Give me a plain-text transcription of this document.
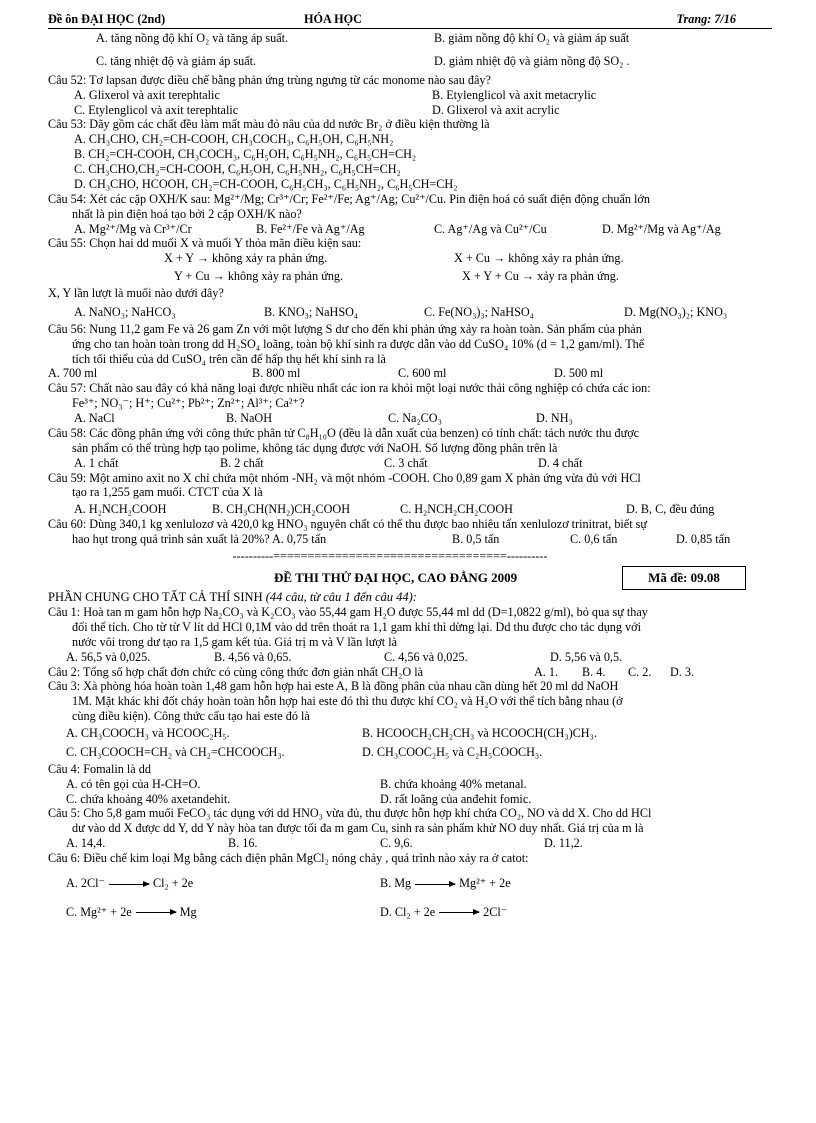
Đề ôn ĐẠI HỌC (2nd)	HÓA HỌC	Trang: 7/16
A. tăng nồng độ khí O₂ và tăng áp suất.	B. giảm nồng độ khí O₂ và giảm áp suất
C. tăng nhiệt độ và giảm áp suất.	D. giảm nhiệt độ và giảm nồng độ SO₂ .
Câu 52: Tơ lapsan được điều chế bằng phản ứng trùng ngưng từ các monome nào sau đây?
A. Glixerol và axit terephtalic	B. Etylenglicol và axit metacrylic
C. Etylenglicol và axit terephtalic	D. Glixerol và axit acrylic
Câu 53: Dãy gồm các chất đều làm mất màu đỏ nâu của dd nước Br₂ ở điều kiện thường là
A. CH₃CHO, CH₂=CH-COOH, CH₃COCH₃, C₆H₅OH, C₆H₅NH₂
B. CH₂=CH-COOH, CH₃COCH₃, C₆H₅OH, C₆H₅NH₂, C₆H₅CH=CH₂
C. CH₃CHO,CH₂=CH-COOH, C₆H₅OH, C₆H₅NH₂, C₆H₅CH=CH₂
D. CH₃CHO, HCOOH, CH₂=CH-COOH, C₆H₅CH₃, C₆H₅NH₂, C₆H₅CH=CH₂
Câu 54: Xét các cặp OXH/K sau: Mg²⁺/Mg; Cr³⁺/Cr; Fe²⁺/Fe; Ag⁺/Ag; Cu²⁺/Cu. Pin điện hoá có suất điện động chuẩn lớn
nhất là pin điện hoá tạo bởi 2 cặp OXH/K nào?
A. Mg²⁺/Mg và Cr³⁺/Cr	B. Fe²⁺/Fe và Ag⁺/Ag	C. Ag⁺/Ag và Cu²⁺/Cu	D. Mg²⁺/Mg và Ag⁺/Ag
Câu 55: Chọn hai dd muối X và muối Y thỏa mãn điều kiện sau:
X + Y → không xảy ra phản ứng.	X + Cu → không xảy ra phản ứng.
Y + Cu → không xảy ra phản ứng.	X + Y + Cu → xảy ra phản ứng.
X, Y lần lượt là muối nào dưới đây?
A. NaNO₃; NaHCO₃	B. KNO₃; NaHSO₄	C. Fe(NO₃)₃; NaHSO₄	D. Mg(NO₃)₂; KNO₃
Câu 56: Nung 11,2 gam Fe và 26 gam Zn với một lượng S dư cho đến khi phản ứng xảy ra hoàn toàn. Sản phẩm của phản
ứng cho tan hoàn toàn trong dd H₂SO₄ loãng, toàn bộ khí sinh ra được dẫn vào dd CuSO₄ 10% (d = 1,2 gam/ml). Thể
tích tối thiểu của dd CuSO₄ trên cần để hấp thụ hết khí sinh ra là
A. 700 ml	B. 800 ml	C. 600 ml	D. 500 ml
Câu 57: Chất nào sau đây có khả năng loại được nhiều nhất các ion ra khỏi một loại nước thải công nghiệp có chứa các ion:
Fe³⁺; NO₃⁻; H⁺; Cu²⁺; Pb²⁺; Zn²⁺; Al³⁺; Ca²⁺?
A. NaCl	B. NaOH	C. Na₂CO₃	D. NH₃
Câu 58: Các đồng phân ứng với công thức phân tử C₈H₁₀O (đều là dẫn xuất của benzen) có tính chất: tách nước thu được
sản phẩm có thể trùng hợp tạo polime, không tác dụng được với NaOH. Số lượng đồng phân trên là
A. 1 chất	B. 2 chất	C. 3 chất	D. 4 chất
Câu 59: Một amino axit no X chỉ chứa một nhóm -NH₂ và một nhóm -COOH. Cho 0,89 gam X phản ứng vừa đủ với HCl
tạo ra 1,255 gam muối. CTCT của X là
A. H₂NCH₂COOH	B. CH₃CH(NH₂)CH₂COOH	C. H₂NCH₂CH₂COOH	D. B, C, đều đúng
Câu 60: Dùng 340,1 kg xenlulozơ và 420,0 kg HNO₃ nguyên chất có thể thu được bao nhiêu tấn xenlulozơ trinitrat, biết sự
hao hụt trong quá trình sản xuất là 20%? A. 0,75 tấn	B. 0,5 tấn	C. 0,6 tấn	D. 0,85 tấn
----------==================================----------
ĐỀ THI THỬ ĐẠI HỌC, CAO ĐẲNG 2009	Mã đề: 09.08
PHẦN CHUNG CHO TẤT CẢ THÍ SINH (44 câu, từ câu 1 đến câu 44):
Câu 1: Hoà tan m gam hỗn hợp Na₂CO₃ và K₂CO₃ vào 55,44 gam H₂O được 55,44 ml dd (D=1,0822 g/ml), bỏ qua sự thay
đổi thể tích. Cho từ từ V lít dd HCl 0,1M vào dd trên thoát ra 1,1 gam khí thì dừng lại. Dd thu được cho tác dụng với
nước vôi trong dư tạo ra 1,5 gam kết tủa. Giá trị m và V lần lượt là
A. 56,5 và 0,025.	B. 4,56 và 0,65.	C. 4,56 và 0,025.	D. 5,56 và 0,5.
Câu 2: Tổng số hợp chất đơn chức có cùng công thức đơn giản nhất CH₂O là	A. 1.	B. 4.	C. 2.	D. 3.
Câu 3: Xà phòng hóa hoàn toàn 1,48 gam hỗn hợp hai este A, B là đồng phân của nhau cần dùng hết 20 ml dd NaOH
1M. Mặt khác khi đốt cháy hoàn toàn hỗn hợp hai este đó thì thu được khí CO₂ và H₂O với thể tích bằng nhau (ở
cùng điều kiện). Công thức cấu tạo hai este đó là
A. CH₃COOCH₃ và HCOOC₂H₅.	B. HCOOCH₂CH₂CH₃ và HCOOCH(CH₃)CH₃.
C. CH₃COOCH=CH₂ và CH₂=CHCOOCH₃.	D. CH₃COOC₂H₅ và C₂H₅COOCH₃.
Câu 4: Fomalin là dd
A. có tên gọi của H-CH=O.	B. chứa khoảng 40% metanal.
C. chứa khoảng 40% axetandehit.	D. rất loãng của anđehit fomic.
Câu 5: Cho 5,8 gam muối FeCO₃ tác dụng với dd HNO₃ vừa đủ, thu được hỗn hợp khí chứa CO₂, NO và dd X. Cho dd HCl
dư vào dd X được dd Y, dd Y này hòa tan được tối đa m gam Cu, sinh ra sản phẩm khử NO duy nhất. Giá trị của m là
A. 14,4.	B. 16.	C. 9,6.	D. 11,2.
Câu 6: Điều chế kim loại Mg bằng cách điện phân MgCl₂ nóng chảy , quá trình nào xảy ra ở catot:
A. 2Cl⁻	Cl₂ + 2e	B. Mg	Mg²⁺ + 2e
C. Mg²⁺ + 2e	Mg	D. Cl₂ + 2e	2Cl⁻
